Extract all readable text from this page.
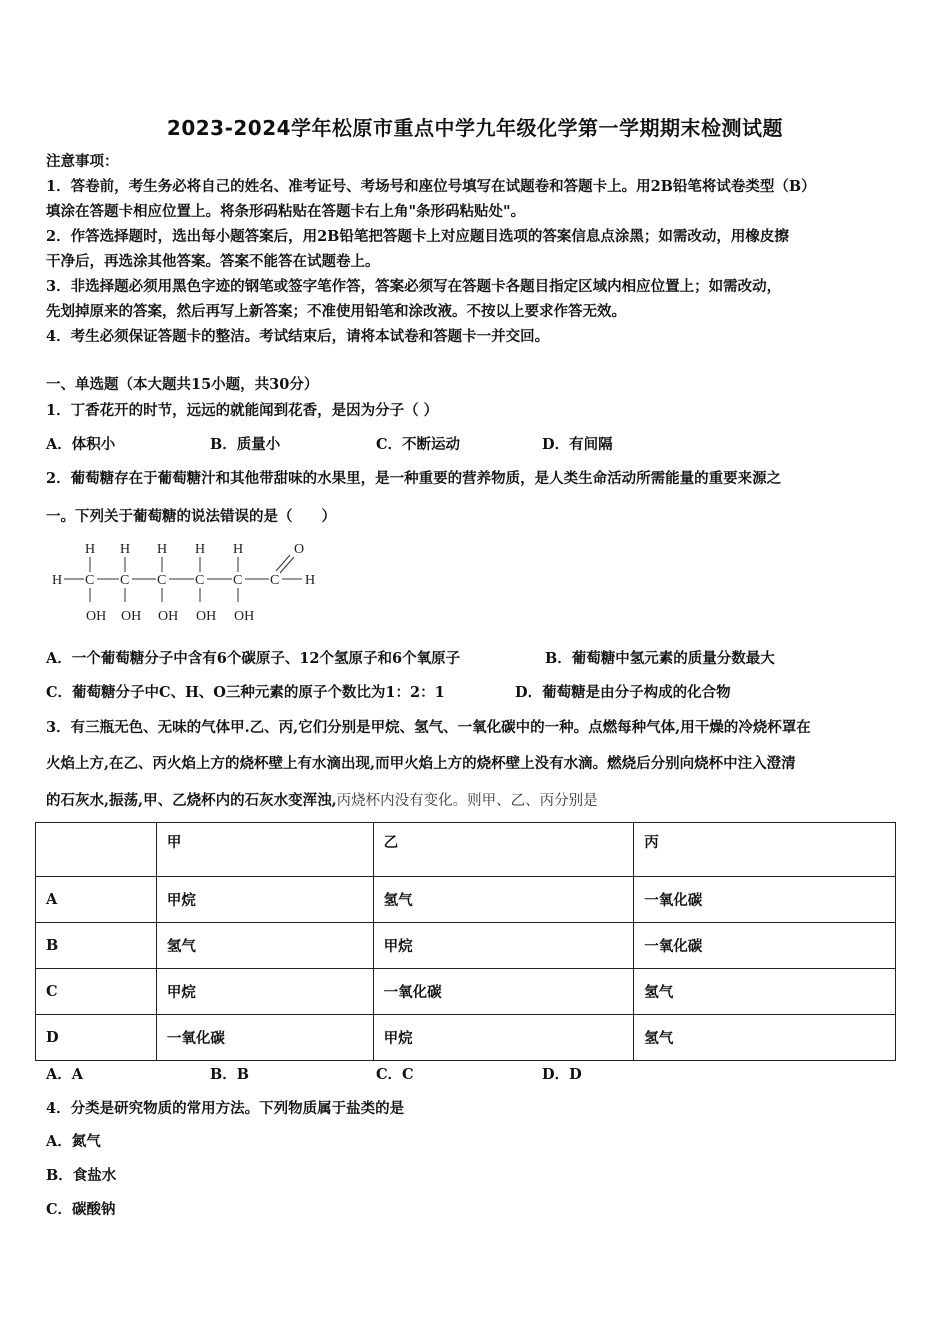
2023-2024学年松原市重点中学九年级化学第一学期期末检测试题
注意事项：
1．答卷前，考生务必将自己的姓名、准考证号、考场号和座位号填写在试题卷和答题卡上。用2B铅笔将试卷类型（B）
填涂在答题卡相应位置上。将条形码粘贴在答题卡右上角"条形码粘贴处"。
2．作答选择题时，选出每小题答案后，用2B铅笔把答题卡上对应题目选项的答案信息点涂黑；如需改动，用橡皮擦
干净后，再选涂其他答案。答案不能答在试题卷上。
3．非选择题必须用黑色字迹的钢笔或签字笔作答，答案必须写在答题卡各题目指定区域内相应位置上；如需改动，
先划掉原来的答案，然后再写上新答案；不准使用铅笔和涂改液。不按以上要求作答无效。
4．考生必须保证答题卡的整洁。考试结束后，请将本试卷和答题卡一并交回。
一、单选题（本大题共15小题，共30分）
1．丁香花开的时节，远远的就能闻到花香，是因为分子（ ）
A．体积小	B．质量小	C．不断运动	D．有间隔
2．葡萄糖存在于葡萄糖汁和其他带甜味的水果里，是一种重要的营养物质，是人类生命活动所需能量的重要来源之
一。下列关于葡萄糖的说法错误的是（　　）
H H H H H
H C C C C C C
O
H
OH OH OH OH OH
A．一个葡萄糖分子中含有6个碳原子、12个氢原子和6个氧原子	B．葡萄糖中氢元素的质量分数最大
C．葡萄糖分子中C、H、O三种元素的原子个数比为1：2：1	D．葡萄糖是由分子构成的化合物
3．有三瓶无色、无味的气体甲.乙、丙,它们分别是甲烷、氢气、一氧化碳中的一种。点燃每种气体,用干燥的冷烧杯罩在
火焰上方,在乙、丙火焰上方的烧杯壁上有水滴出现,而甲火焰上方的烧杯壁上没有水滴。燃烧后分别向烧杯中注入澄清
的石灰水,振荡,甲、乙烧杯内的石灰水变浑浊,丙烧杯内没有变化。则甲、乙、丙分别是
	甲	乙	丙
A	甲烷	氢气	一氧化碳
B	氢气	甲烷	一氧化碳
C	甲烷	一氧化碳	氢气
D	一氧化碳	甲烷	氢气
A．A	B．B	C．C	D．D
4．分类是研究物质的常用方法。下列物质属于盐类的是
A．氮气
B．食盐水
C．碳酸钠
